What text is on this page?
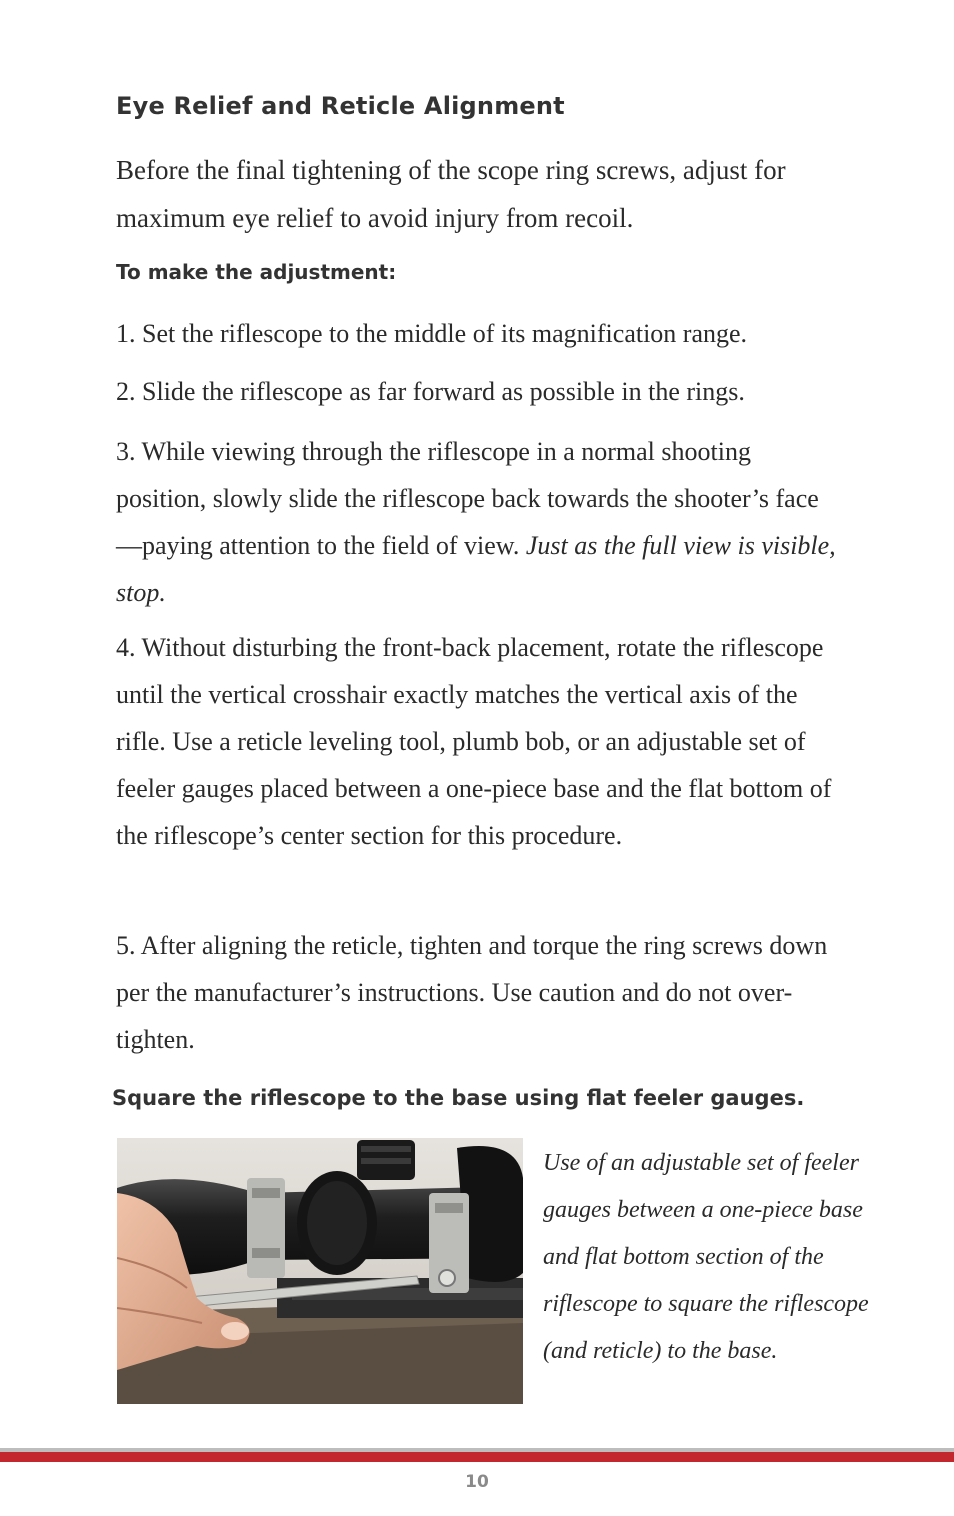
Eye Relief and Reticle Alignment
Before the final tightening of the scope ring screws, adjust for maximum eye relief to avoid injury from recoil.
To make the adjustment:
1. Set the riflescope to the middle of its magnification range.
2. Slide the riflescope as far forward as possible in the rings.
3. While viewing through the riflescope in a normal shooting position, slowly slide the riflescope back towards the shooter’s face—paying attention to the field of view. Just as the full view is visible, stop.
4. Without disturbing the front-back placement, rotate the riflescope until the vertical crosshair exactly matches the vertical axis of the rifle. Use a reticle leveling tool, plumb bob, or an adjustable set of feeler gauges placed between a one-piece base and the flat bottom of the riflescope’s center section for this procedure.
5. After aligning the reticle, tighten and torque the ring screws down per the manufacturer’s instructions. Use caution and do not over-tighten.
Square the riflescope to the base using flat feeler gauges.
Use of an adjustable set of feeler gauges between a one-piece base and flat bottom section of the riflescope to square the riflescope (and reticle) to the base.
10
